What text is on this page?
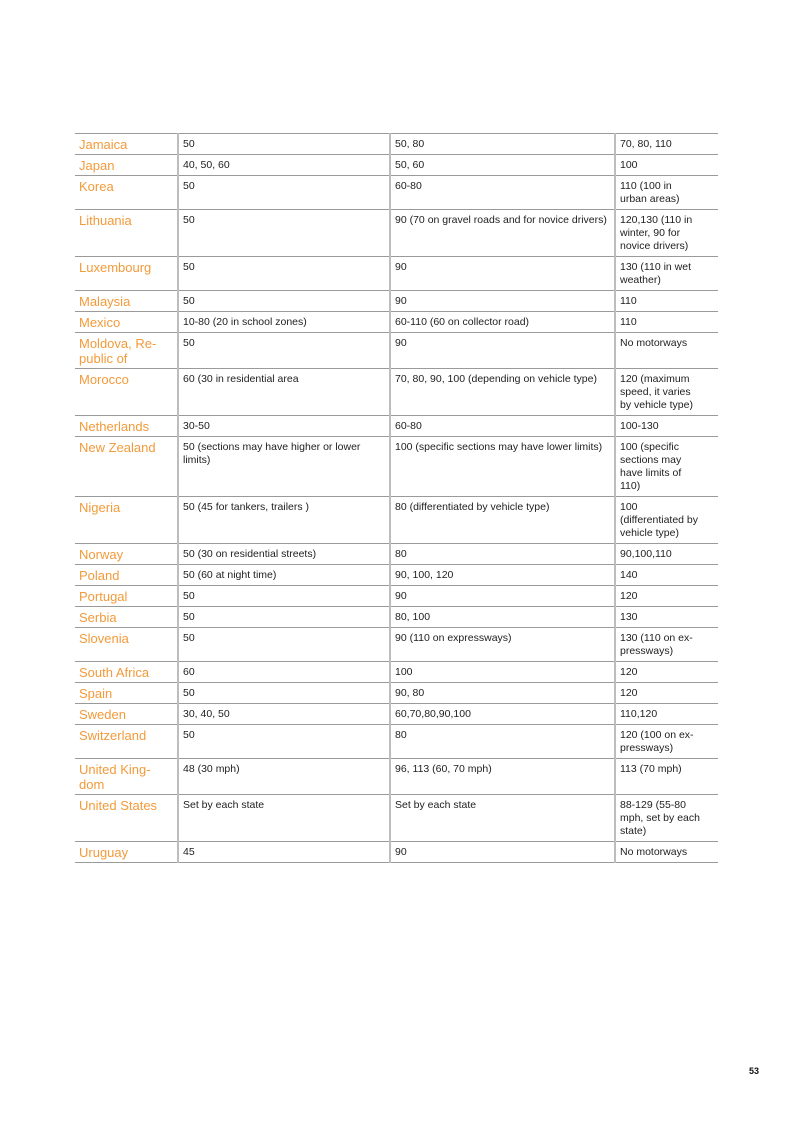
Jamaica	50	50, 80	70, 80, 110
Japan	40, 50, 60	50, 60	100
Korea	50	60-80	110 (100 in urban areas)
Lithuania	50	90 (70 on gravel roads and for novice drivers)	120,130 (110 in winter, 90 for novice drivers)
Luxembourg	50	90	130 (110 in wet weather)
Malaysia	50	90	110
Mexico	10-80 (20 in school zones)	60-110 (60 on collector road)	110
Moldova, Re-public of	50	90	No motorways
Morocco	60 (30 in residential area	70, 80, 90, 100 (depending on vehicle type)	120 (maximum speed, it varies by vehicle type)
Netherlands	30-50	60-80	100-130
New Zealand	50 (sections may have higher or lower limits)	100 (specific sections may have lower limits)	100 (specific sections may have limits of 110)
Nigeria	50 (45 for tankers, trailers )	80 (differentiated by vehicle type)	100 (differentiated by vehicle type)
Norway	50 (30 on residential streets)	80	90,100,110
Poland	50 (60 at night time)	90, 100, 120	140
Portugal	50	90	120
Serbia	50	80, 100	130
Slovenia	50	90 (110 on expressways)	130 (110 on ex-pressways)
South Africa	60	100	120
Spain	50	90, 80	120
Sweden	30, 40, 50	60,70,80,90,100	110,120
Switzerland	50	80	120 (100 on ex-pressways)
United King-dom	48 (30 mph)	96, 113 (60, 70 mph)	113 (70 mph)
United States	Set by each state	Set by each state	88-129 (55-80 mph, set by each state)
Uruguay	45	90	No motorways
53
